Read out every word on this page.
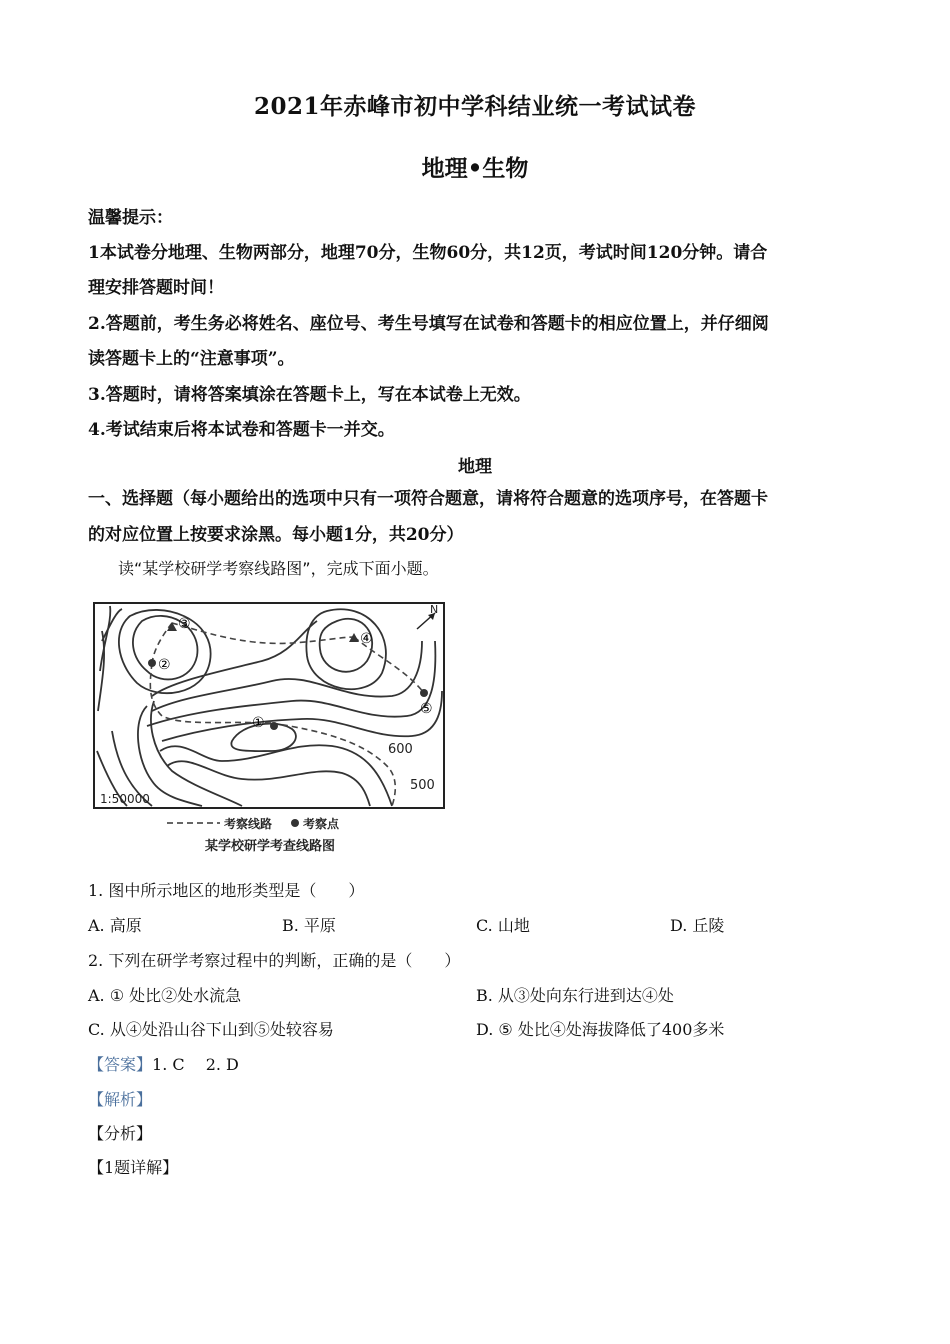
2021年赤峰市初中学科结业统一考试试卷
地理•生物
温馨提示：
1本试卷分地理、生物两部分，地理70分，生物60分，共12页，考试时间120分钟。请合
理安排答题时间！
2.答题前，考生务必将姓名、座位号、考生号填写在试卷和答题卡的相应位置上，并仔细阅
读答题卡上的“注意事项”。
3.答题时，请将答案填涂在答题卡上，写在本试卷上无效。
4.考试结束后将本试卷和答题卡一并交。
地理
一、选择题（每小题给出的选项中只有一项符合题意，请将符合题意的选项序号，在答题卡
的对应位置上按要求涂黑。每小题1分，共20分）
读“某学校研学考察线路图”，完成下面小题。
③
④
②
①
⑤
600
500
1:50000
N
考察线路	考察点
某学校研学考查线路图
1. 图中所示地区的地形类型是（　　）
A. 高原	B. 平原	C. 山地	D. 丘陵
2. 下列在研学考察过程中的判断，正确的是（　　）
A. ① 处比②处水流急	B. 从③处向东行进到达④处
C. 从④处沿山谷下山到⑤处较容易	D. ⑤ 处比④处海拔降低了400多米
【答案】1. C　 2. D
【解析】
【分析】
【1题详解】
